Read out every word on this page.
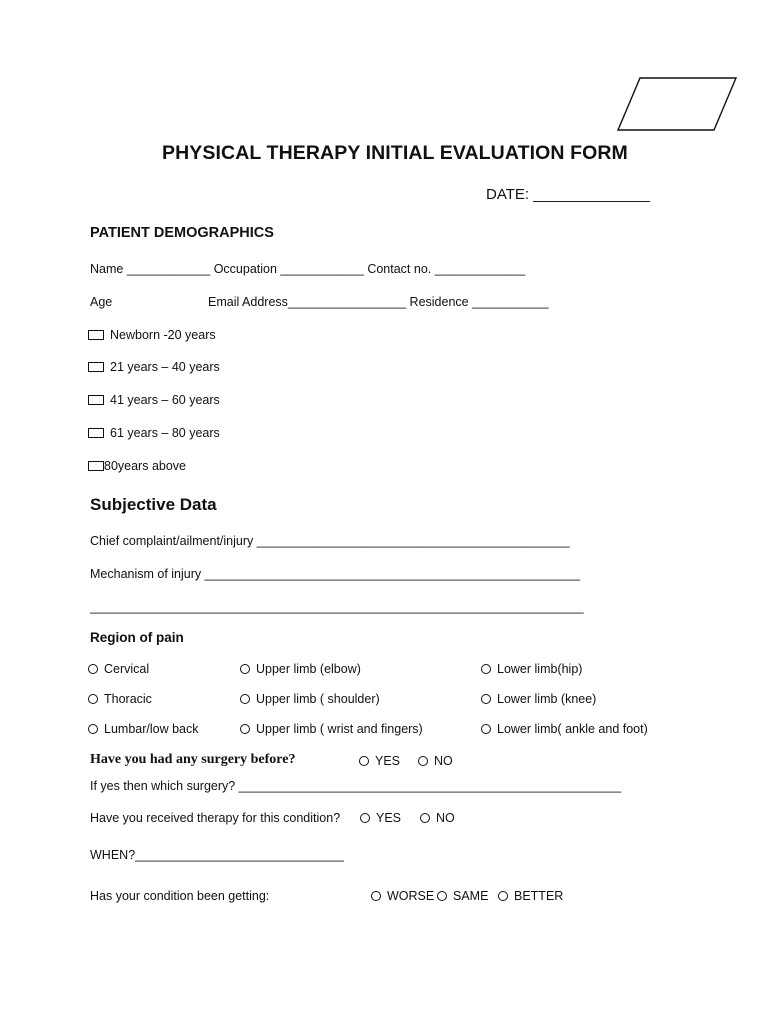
PHYSICAL THERAPY INITIAL EVALUATION FORM
DATE: ______________
PATIENT DEMOGRAPHICS
Name ____________ Occupation ____________ Contact no. _____________
Age	Email Address_________________ Residence ___________
Newborn -20 years
21 years – 40 years
41 years – 60 years
61 years – 80 years
80years above
Subjective Data
Chief complaint/ailment/injury _____________________________________________
Mechanism of injury ______________________________________________________
_______________________________________________________________________
Region of pain
Cervical	Upper limb (elbow)	Lower limb(hip)
Thoracic	Upper limb ( shoulder)	Lower limb (knee)
Lumbar/low back	Upper limb ( wrist and fingers)	Lower limb( ankle and foot)
Have you had any surgery before?	YES	NO
If yes then which surgery? _______________________________________________________
Have you received therapy for this condition?	YES	NO
WHEN?______________________________
Has your condition been getting:	WORSE SAME BETTER
